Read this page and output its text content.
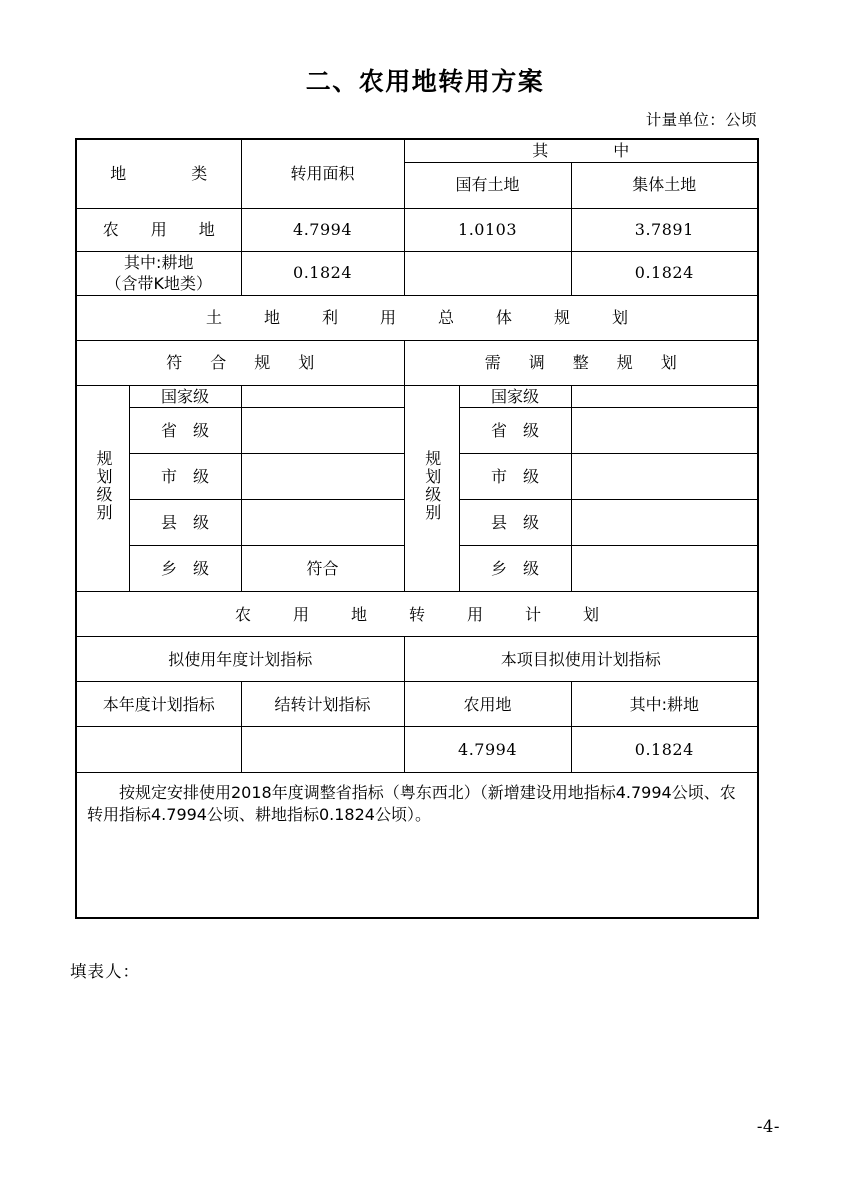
二、农用地转用方案
计量单位：公顷
地　　类		转用面积	其　　中		
			国有土地		集体土地
农　用　地		4.7994	1.0103		3.7891

其中:耕地
（含带K地类）		0.1824			0.1824
土　地　利　用　总　体　规　划					
符　合　规　划			需　调　整　规　划		
规划级别	国家级		规划级别	国家级	
	省　级			省　级	
	市　级			市　级	
	县　级			县　级	
	乡　级	符合		乡　级	
农　用　地　转　用　计　划					
拟使用年度计划指标			本项目拟使用计划指标		
本年度计划指标		结转计划指标	农用地		其中:耕地
			4.7994		0.1824

按规定安排使用2018年度调整省指标（粤东西北）（新增建设用地指标4.7994公顷、农转用指标4.7994公顷、耕地指标0.1824公顷）。					

填表人：
-4-
